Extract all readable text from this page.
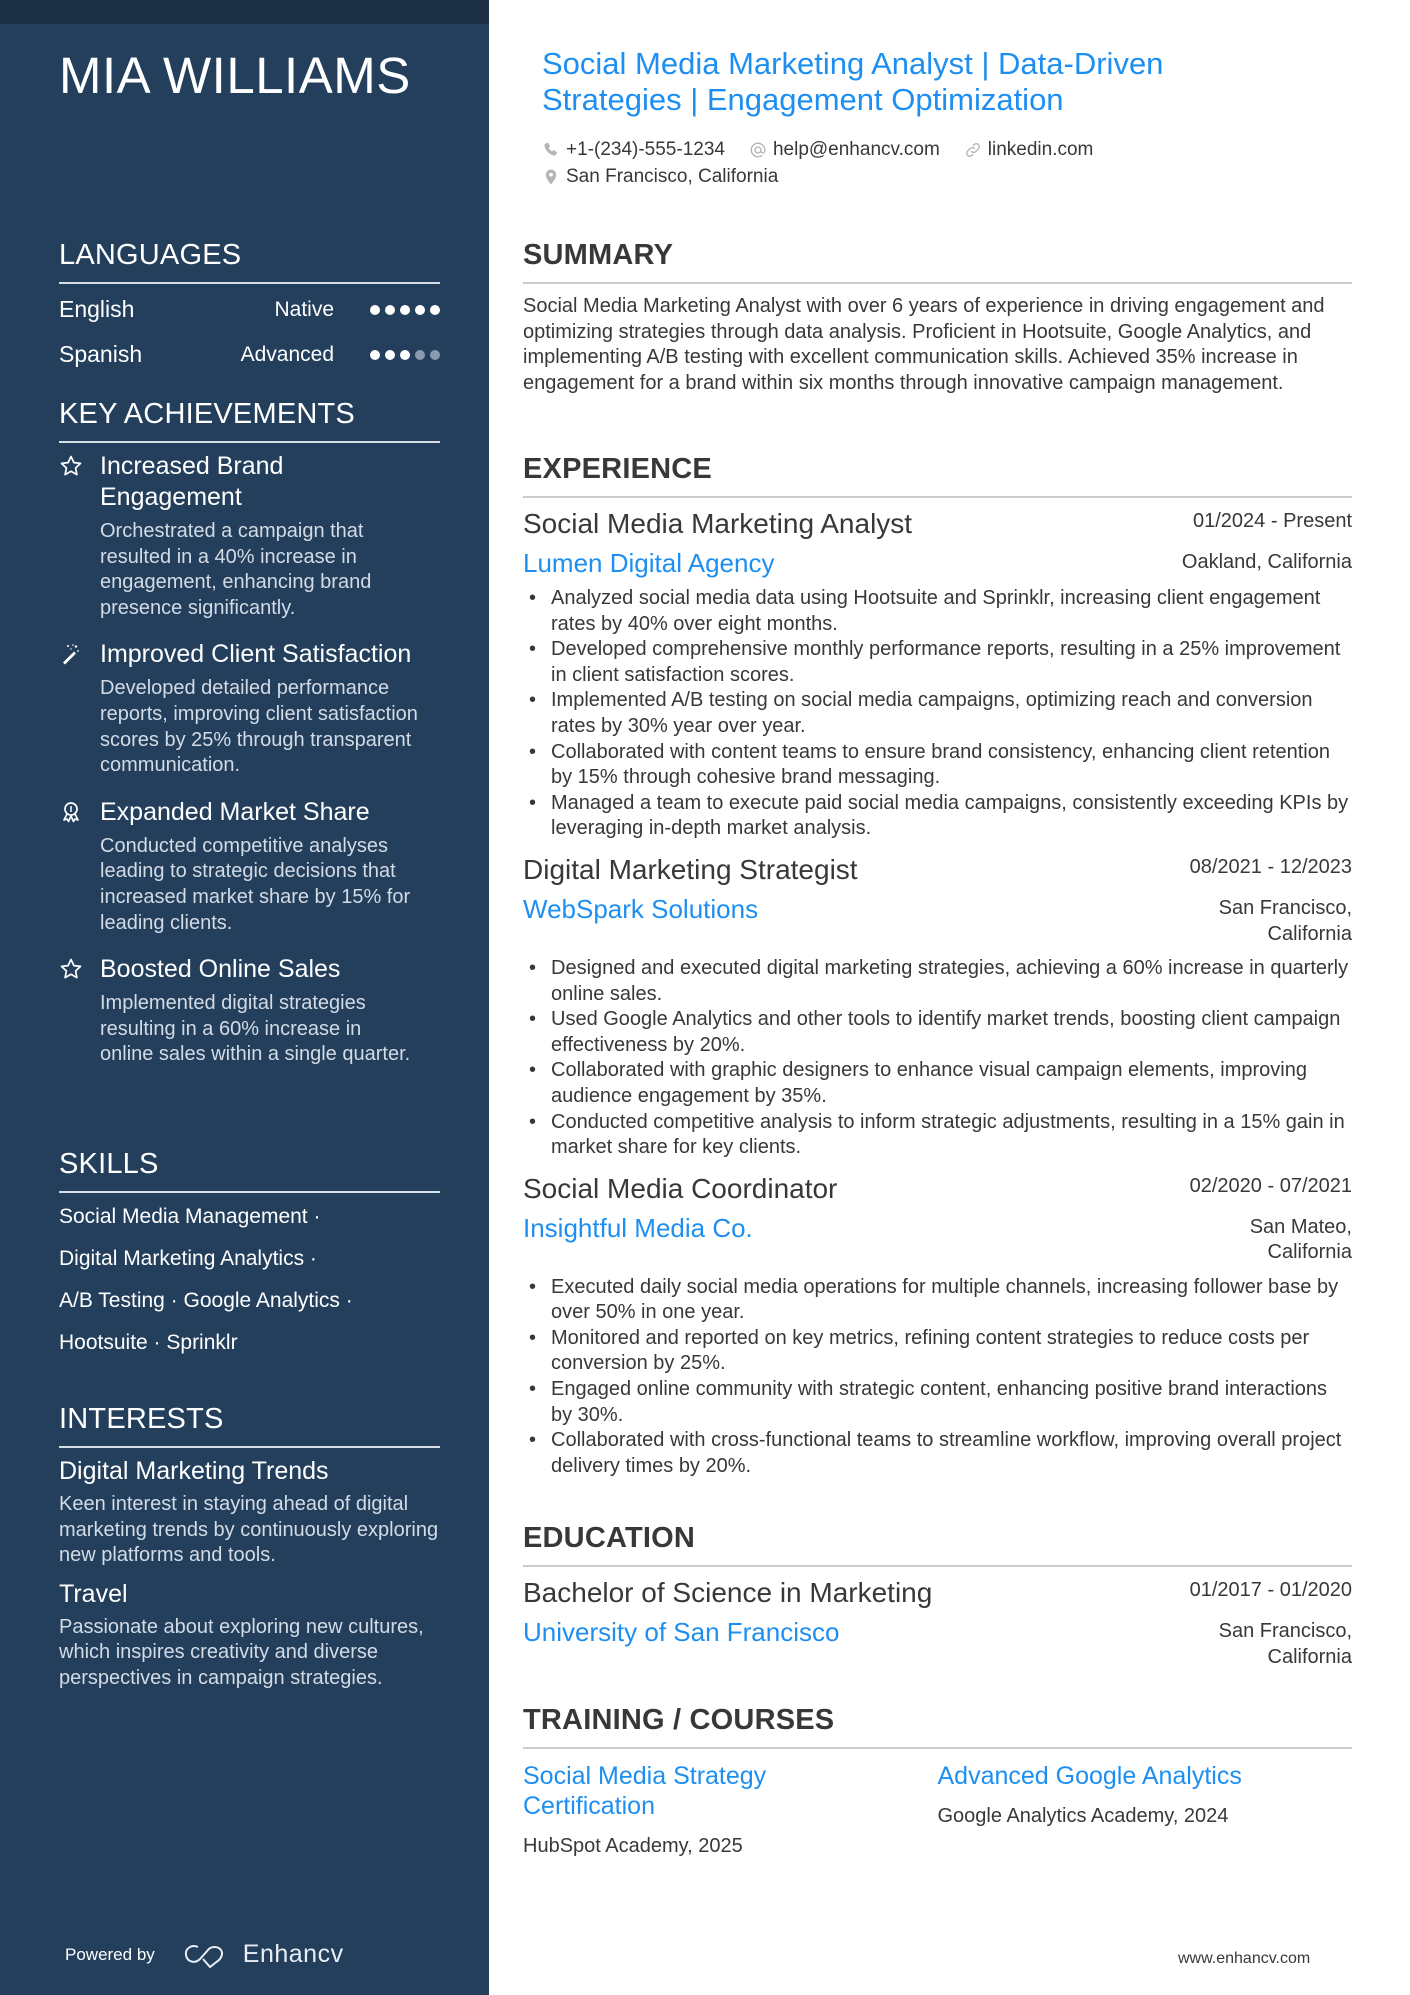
MIA WILLIAMS
LANGUAGES
English	Native
Spanish	Advanced
KEY ACHIEVEMENTS
Increased Brand Engagement
Orchestrated a campaign that resulted in a 40% increase in engagement, enhancing brand presence significantly.
Improved Client Satisfaction
Developed detailed performance reports, improving client satisfaction scores by 25% through transparent communication.
Expanded Market Share
Conducted competitive analyses leading to strategic decisions that increased market share by 15% for leading clients.
Boosted Online Sales
Implemented digital strategies resulting in a 60% increase in online sales within a single quarter.
SKILLS
Social Media Management ·
Digital Marketing Analytics ·
A/B Testing · Google Analytics ·
Hootsuite · Sprinklr
INTERESTS
Digital Marketing Trends
Keen interest in staying ahead of digital marketing trends by continuously exploring new platforms and tools.
Travel
Passionate about exploring new cultures, which inspires creativity and diverse perspectives in campaign strategies.
Powered by	Enhancv
Social Media Marketing Analyst | Data-Driven Strategies | Engagement Optimization
+1-(234)-555-1234	help@enhancv.com	linkedin.com
San Francisco, California
SUMMARY

Social Media Marketing Analyst with over 6 years of experience in driving engagement and optimizing strategies through data analysis. Proficient in Hootsuite, Google Analytics, and implementing A/B testing with excellent communication skills. Achieved 35% increase in engagement for a brand within six months through innovative campaign management.

EXPERIENCE
Social Media Marketing Analyst	01/2024 - Present
Lumen Digital Agency	Oakland, California
• Analyzed social media data using Hootsuite and Sprinklr, increasing client engagement rates by 40% over eight months.
• Developed comprehensive monthly performance reports, resulting in a 25% improvement in client satisfaction scores.
• Implemented A/B testing on social media campaigns, optimizing reach and conversion rates by 30% year over year.
• Collaborated with content teams to ensure brand consistency, enhancing client retention by 15% through cohesive brand messaging.
• Managed a team to execute paid social media campaigns, consistently exceeding KPIs by leveraging in-depth market analysis.
Digital Marketing Strategist	08/2021 - 12/2023
WebSpark Solutions	San Francisco, California
• Designed and executed digital marketing strategies, achieving a 60% increase in quarterly online sales.
• Used Google Analytics and other tools to identify market trends, boosting client campaign effectiveness by 20%.
• Collaborated with graphic designers to enhance visual campaign elements, improving audience engagement by 35%.
• Conducted competitive analysis to inform strategic adjustments, resulting in a 15% gain in market share for key clients.
Social Media Coordinator	02/2020 - 07/2021
Insightful Media Co.	San Mateo, California
• Executed daily social media operations for multiple channels, increasing follower base by over 50% in one year.
• Monitored and reported on key metrics, refining content strategies to reduce costs per conversion by 25%.
• Engaged online community with strategic content, enhancing positive brand interactions by 30%.
• Collaborated with cross-functional teams to streamline workflow, improving overall project delivery times by 20%.
EDUCATION
Bachelor of Science in Marketing	01/2017 - 01/2020
University of San Francisco	San Francisco, California
TRAINING / COURSES
Social Media Strategy Certification
HubSpot Academy, 2025
Advanced Google Analytics
Google Analytics Academy, 2024
www.enhancv.com
